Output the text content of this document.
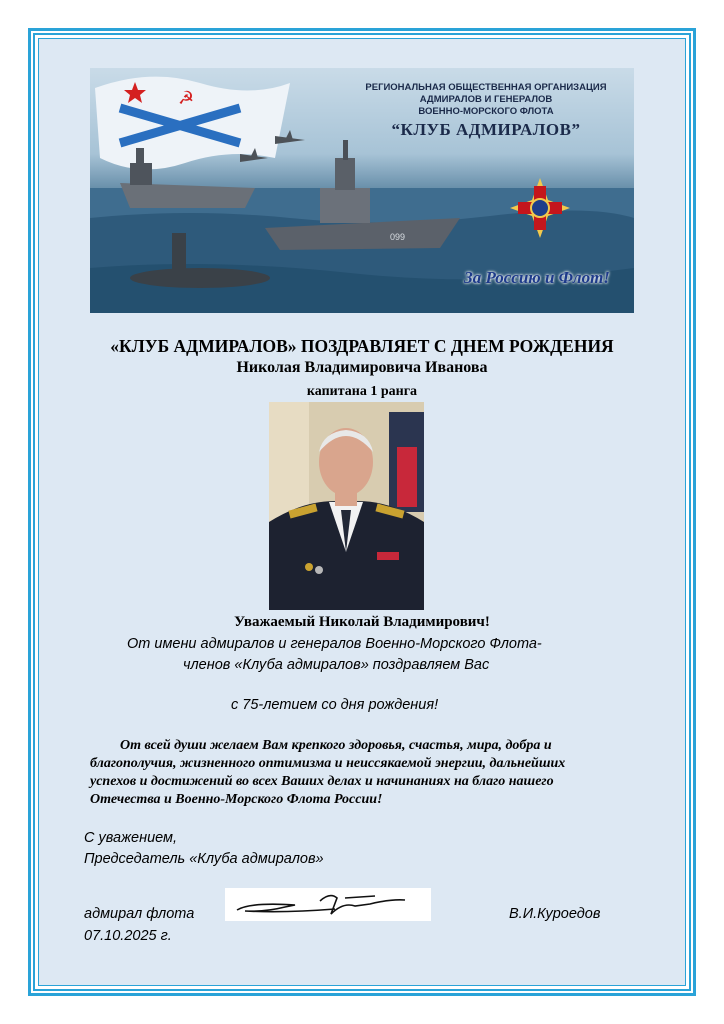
☭
099
РЕГИОНАЛЬНАЯ ОБЩЕСТВЕННАЯ ОРГАНИЗАЦИЯ
АДМИРАЛОВ И ГЕНЕРАЛОВ
ВОЕННО-МОРСКОГО ФЛОТА
“КЛУБ АДМИРАЛОВ”
За Россию и Флот!
«КЛУБ АДМИРАЛОВ» ПОЗДРАВЛЯЕТ С ДНЕМ РОЖДЕНИЯ
Николая Владимировича Иванова
капитана 1 ранга
Уважаемый Николай Владимирович!
От имени адмиралов и генералов Военно-Морского Флота-
членов «Клуба адмиралов» поздравляем Вас
с 75-летием со дня рождения!
От всей души желаем Вам крепкого здоровья, счастья, мира, добра и
благополучия, жизненного оптимизма и неиссякаемой энергии, дальнейших
успехов и достижений во всех Ваших делах и начинаниях на благо нашего
Отечества и Военно-Морского Флота России!
С уважением,
Председатель «Клуба адмиралов»
адмирал флота
07.10.2025 г.
В.И.Куроедов
